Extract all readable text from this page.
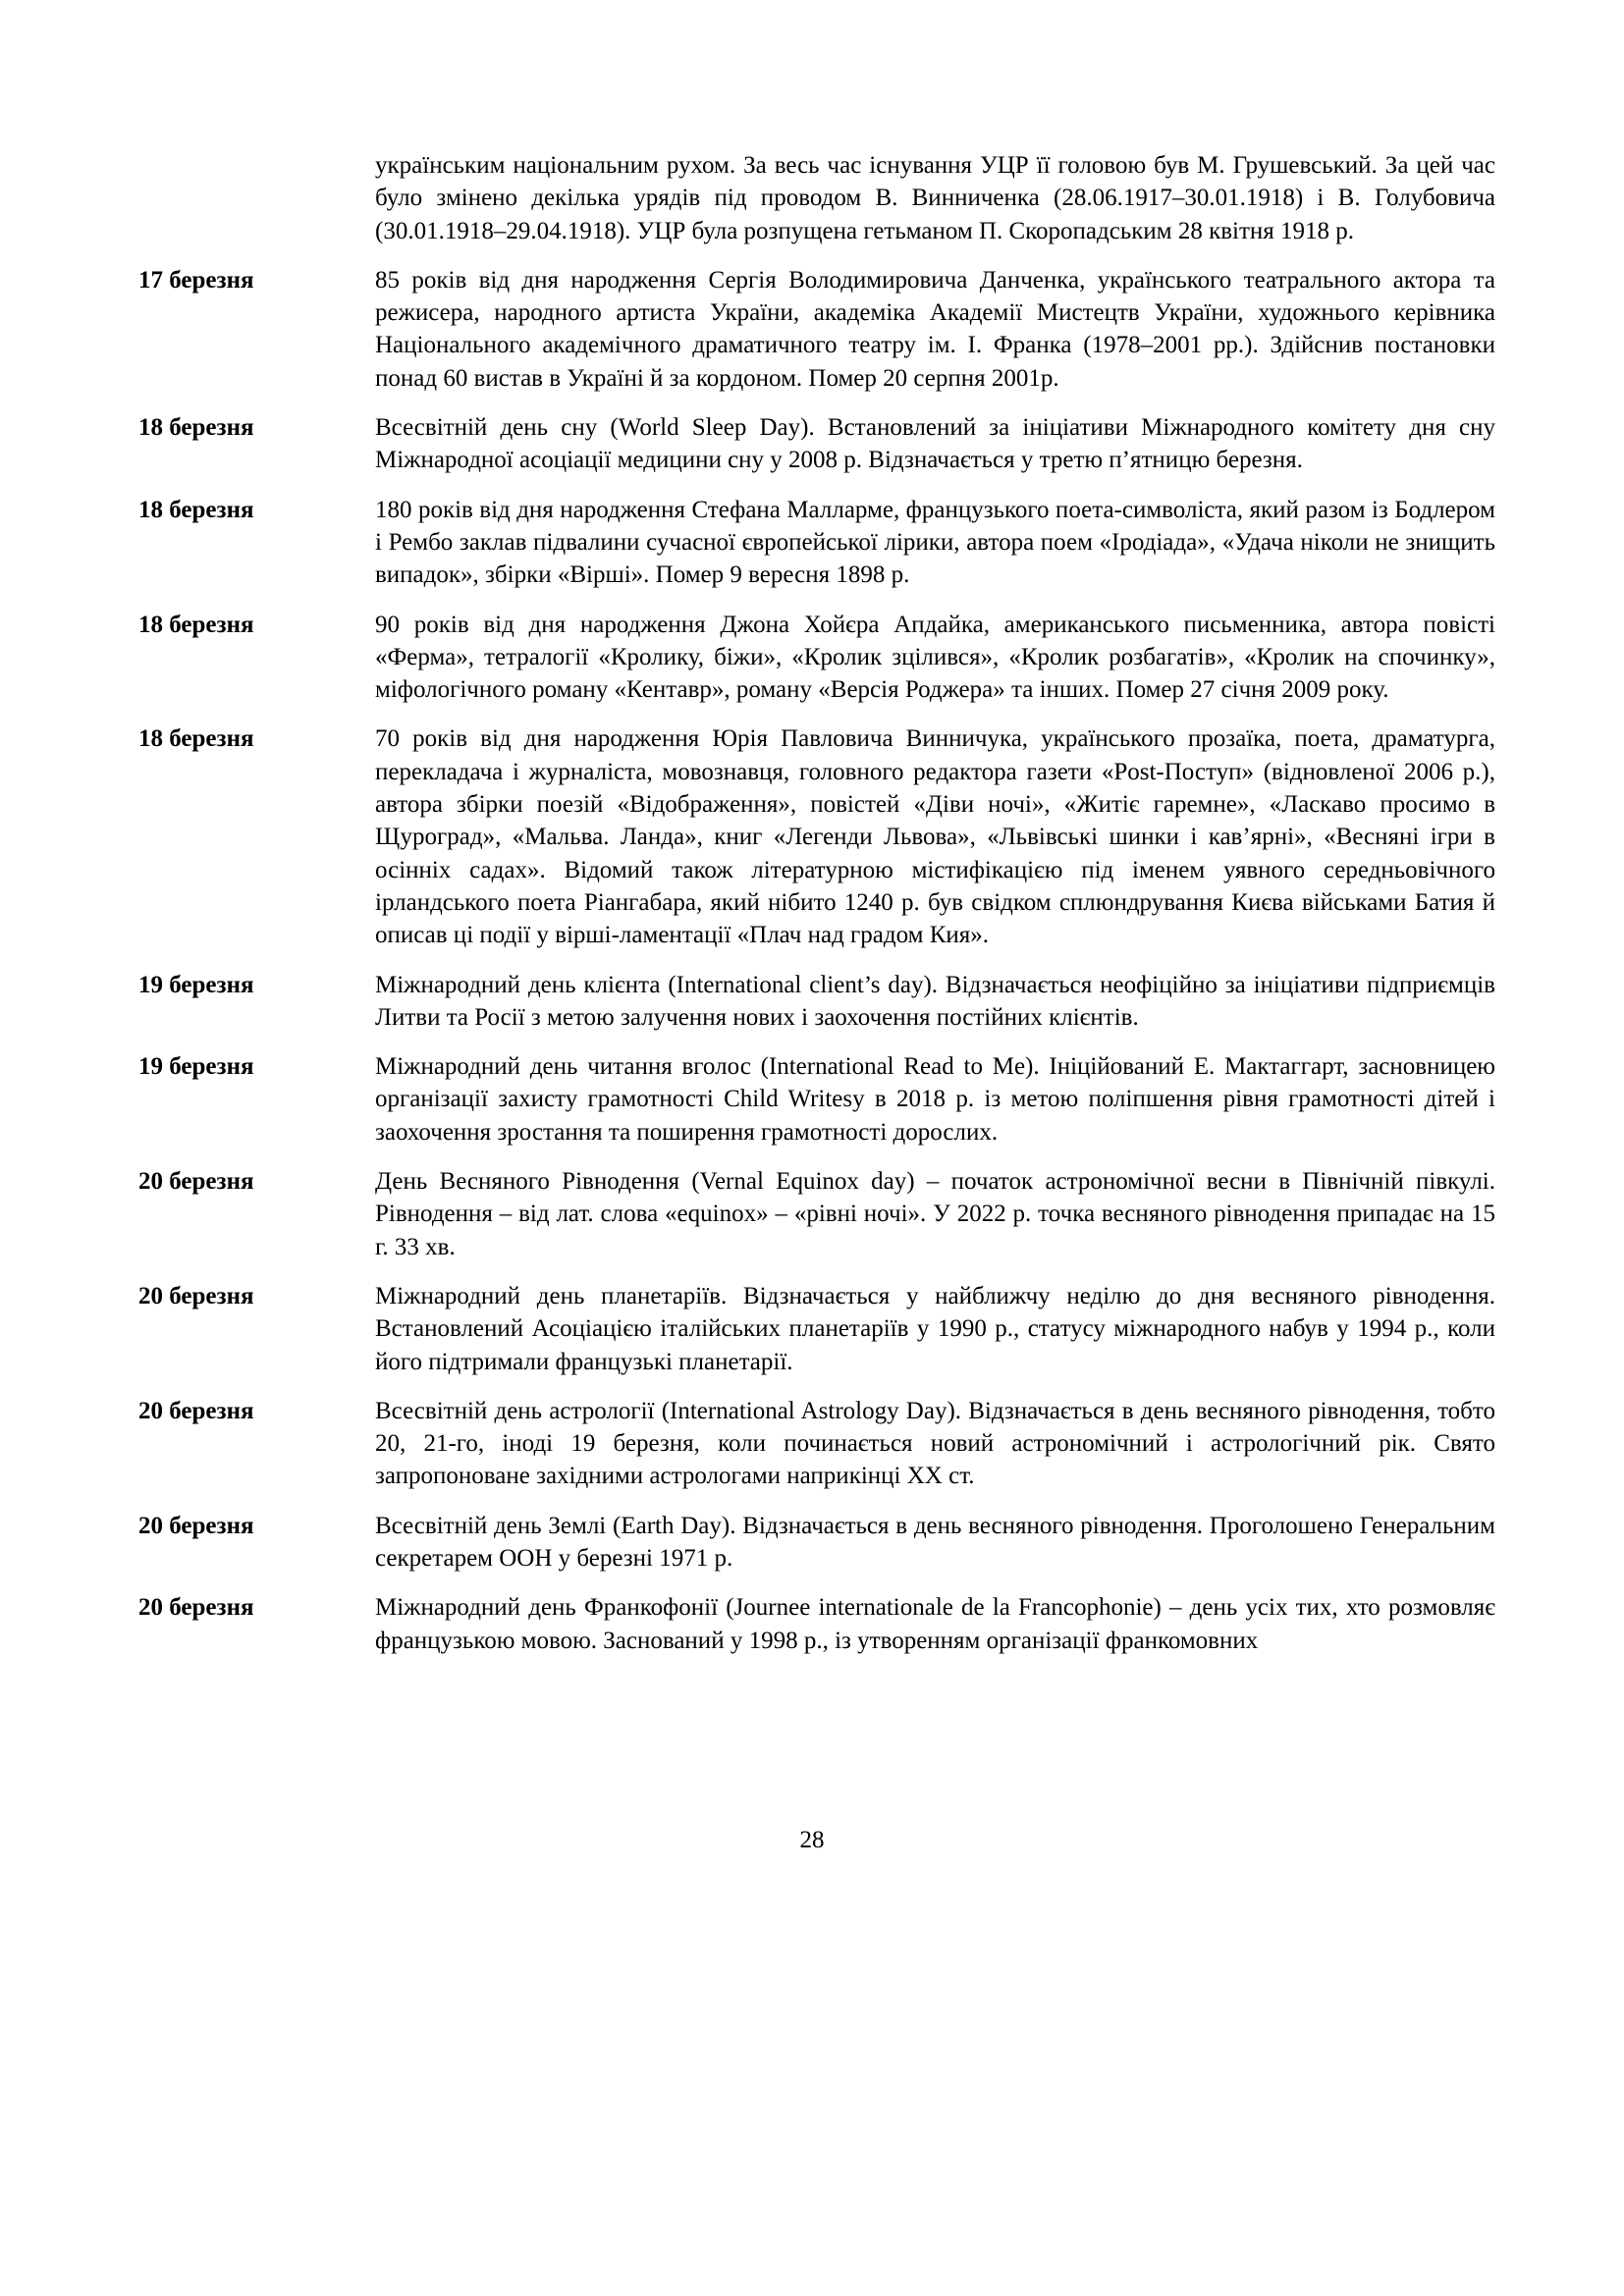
українським національним рухом. За весь час існування УЦР її головою був М. Грушевський. За цей час було змінено декілька урядів під проводом В. Винниченка (28.06.1917–30.01.1918) і В. Голубовича (30.01.1918–29.04.1918). УЦР була розпущена гетьманом П. Скоропадським 28 квітня 1918 р.
17 березня	85 років від дня народження Сергія Володимировича Данченка, українського театрального актора та режисера, народного артиста України, академіка Академії Мистецтв України, художнього керівника Національного академічного драматичного театру ім. І. Франка (1978–2001 рр.). Здійснив постановки понад 60 вистав в Україні й за кордоном. Помер 20 серпня 2001р.
18 березня	Всесвітній день сну (World Sleep Day). Встановлений за ініціативи Міжнародного комітету дня сну Міжнародної асоціації медицини сну у 2008 р. Відзначається у третю п’ятницю березня.
18 березня	180 років від дня народження Стефана Малларме, французького поета-символіста, який разом із Бодлером і Рембо заклав підвалини сучасної європейської лірики, автора поем «Іродіада», «Удача ніколи не знищить випадок», збірки «Вірші». Помер 9 вересня 1898 р.
18 березня	90 років від дня народження Джона Хойєра Апдайка, американського письменника, автора повісті «Ферма», тетралогії «Кролику, біжи», «Кролик зцілився», «Кролик розбагатів», «Кролик на спочинку», міфологічного роману «Кентавр», роману «Версія Роджера» та інших. Помер 27 січня 2009 року.
18 березня	70 років від дня народження Юрія Павловича Винничука, українського прозаїка, поета, драматурга, перекладача і журналіста, мовознавця, головного редактора газети «Post-Поступ» (відновленої 2006 р.), автора збірки поезій «Відображення», повістей «Діви ночі», «Житіє гаремне», «Ласкаво просимо в Щуроград», «Мальва. Ланда», книг «Легенди Львова», «Львівські шинки і кав’ярні», «Весняні ігри в осінніх садах». Відомий також літературною містифікацією під іменем уявного середньовічного ірландського поета Ріангабара, який нібито 1240 р. був свідком сплюндрування Києва військами Батия й описав ці події у вірші-ламентації «Плач над градом Кия».
19 березня	Міжнародний день клієнта (International client’s day). Відзначається неофіційно за ініціативи підприємців Литви та Росії з метою залучення нових і заохочення постійних клієнтів.
19 березня	Міжнародний день читання вголос (International Read to Me). Ініційований Е. Мактаггарт, засновницею організації захисту грамотності Child Writesy в 2018 р. із метою поліпшення рівня грамотності дітей і заохочення зростання та поширення грамотності дорослих.
20 березня	День Весняного Рівнодення (Vernal Equinox day) – початок астрономічної весни в Північній півкулі. Рівнодення – від лат. слова «equinox» – «рівні ночі». У 2022 р. точка весняного рівнодення припадає на 15 г. 33 хв.
20 березня	Міжнародний день планетаріїв. Відзначається у найближчу неділю до дня весняного рівнодення. Встановлений Асоціацією італійських планетаріїв у 1990 р., статусу міжнародного набув у 1994 р., коли його підтримали французькі планетарії.
20 березня	Всесвітній день астрології (International Astrology Day). Відзначається в день весняного рівнодення, тобто 20, 21-го, іноді 19 березня, коли починається новий астрономічний і астрологічний рік. Свято запропоноване західними астрологами наприкінці XX ст.
20 березня	Всесвітній день Землі (Earth Day). Відзначається в день весняного рівнодення. Проголошено Генеральним секретарем ООН у березні 1971 р.
20 березня	Міжнародний день Франкофонії (Journee internationale de la Francophonie) – день усіх тих, хто розмовляє французькою мовою. Заснований у 1998 р., із утворенням організації франкомовних
28
